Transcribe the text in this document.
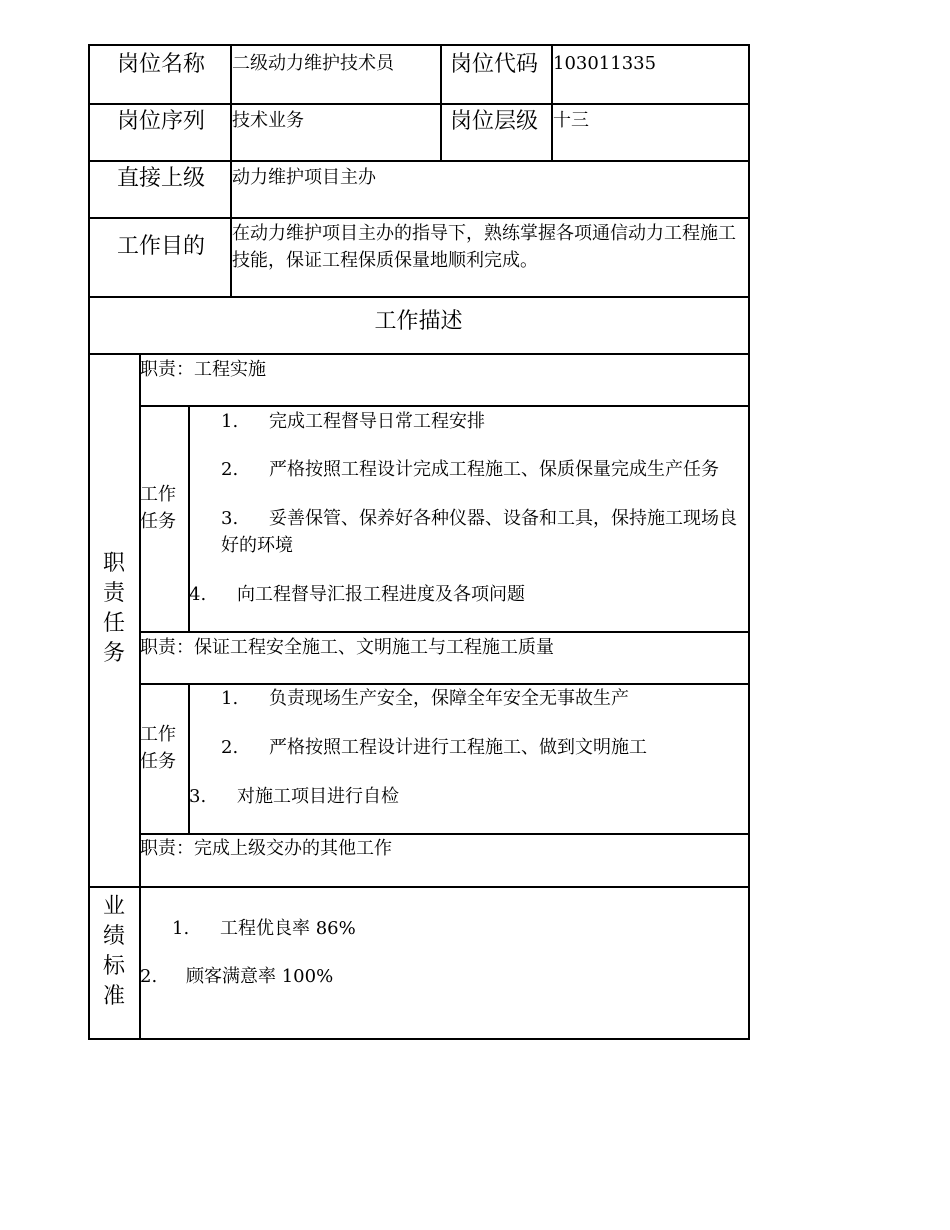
岗位名称 二级动力维护技术员	岗位代码 103011335
岗位序列 技术业务	岗位层级 十三
直接上级 动力维护项目主办
工作目的
在动力维护项目主办的指导下，熟练掌握各项通信动力工程施工技能，保证工程保质保量地顺利完成。
工作描述
职
责
任
务
职责：工程实施
工作任务
1. 完成工程督导日常工程安排
2. 严格按照工程设计完成工程施工、保质保量完成生产任务
3.	妥善保管、保养好各种仪器、设备和工具，保持施工现场良好的环境
4. 向工程督导汇报工程进度及各项问题
职责：保证工程安全施工、文明施工与工程施工质量
工作任务
1. 负责现场生产安全，保障全年安全无事故生产
2. 严格按照工程设计进行工程施工、做到文明施工
3. 对施工项目进行自检
职责：完成上级交办的其他工作
业
绩
标
准
1. 工程优良率 86%
2. 顾客满意率 100%
